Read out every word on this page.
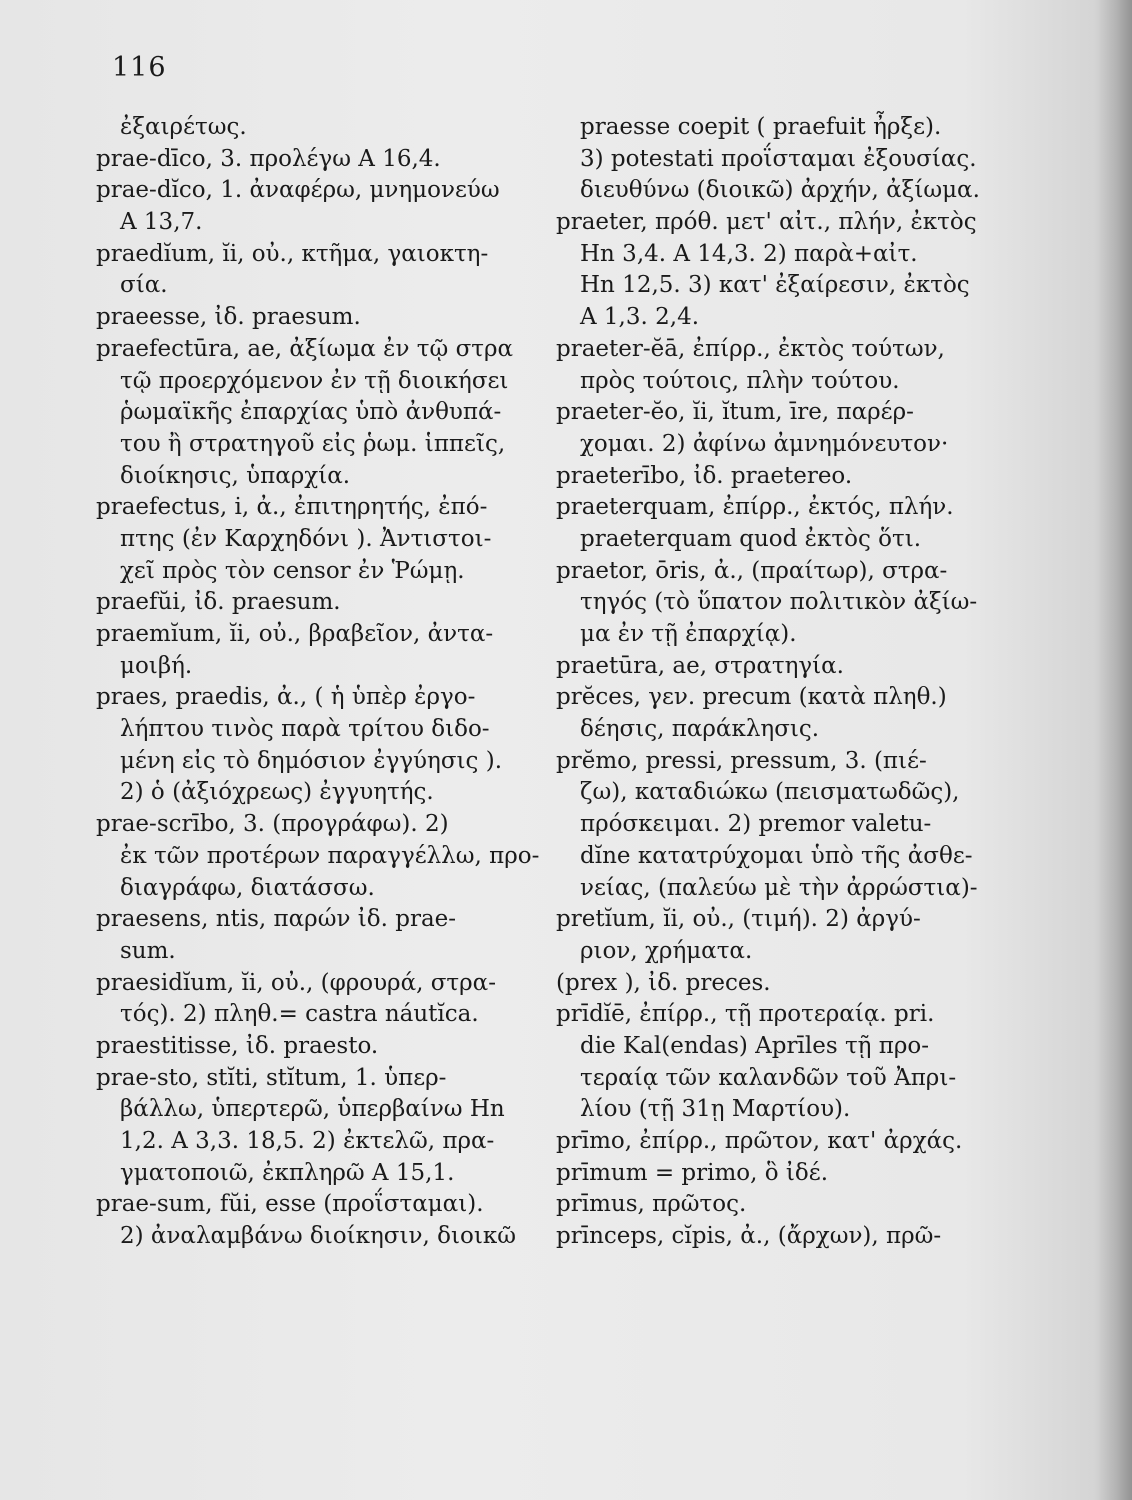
116
ἐξαιρέτως.
prae-dīco, 3. προλέγω Α 16,4.
prae-dĭco, 1. ἀναφέρω, μνημονεύω
Α 13,7.
praedĭum, ĭi, οὐ., κτῆμα, γαιοκτη-
σία.
praeesse, ἰδ. praesum.
praefectūra, ae, ἀξίωμα ἐν τῷ στρα
τῷ προερχόμενον ἐν τῇ διοικήσει
ῥωμαϊκῆς ἐπαρχίας ὑπὸ ἀνθυπά-
του ἢ στρατηγοῦ εἰς ῥωμ. ἱππεῖς,
διοίκησις, ὑπαρχία.
praefectus, i, ἀ., ἐπιτηρητής, ἐπό-
πτης (ἐν Καρχηδόνι ). Ἀντιστοι-
χεῖ πρὸς τὸν censor ἐν Ῥώμῃ.
praefŭi, ἰδ. praesum.
praemĭum, ĭi, οὐ., βραβεῖον, ἀντα-
μοιβή.
praes, praedis, ἀ., ( ἡ ὑπὲρ ἐργο-
λήπτου τινὸς παρὰ τρίτου διδο-
μένη εἰς τὸ δημόσιον ἐγγύησις ).
2) ὁ (ἀξιόχρεως) ἐγγυητής.
prae-scrībo, 3. (προγράφω). 2)
ἐκ τῶν προτέρων παραγγέλλω, προ-
διαγράφω, διατάσσω.
praesens, ntis, παρών ἰδ. prae-
sum.
praesidĭum, ĭi, οὐ., (φρουρά, στρα-
τός). 2) πληθ.= castra náutĭca.
praestitisse, ἰδ. praesto.
prae-sto, stĭti, stĭtum, 1. ὑπερ-
βάλλω, ὑπερτερῶ, ὑπερβαίνω Ηn
1,2. Α 3,3. 18,5. 2) ἐκτελῶ, πρα-
γματοποιῶ, ἐκπληρῶ Α 15,1.
prae-sum, fŭi, esse (προΐσταμαι).
2) ἀναλαμβάνω διοίκησιν, διοικῶ
praesse coepit ( praefuit ἦρξε).
3) potestati προΐσταμαι ἐξουσίας.
διευθύνω (διοικῶ) ἀρχήν, ἀξίωμα.
praeter, πρόθ. μετ' αἰτ., πλήν, ἐκτὸς
Ηn 3,4. Α 14,3. 2) παρὰ+αἰτ.
Ηn 12,5. 3) κατ' ἐξαίρεσιν, ἐκτὸς
Α 1,3. 2,4.
praeter-ĕā, ἐπίρρ., ἐκτὸς τούτων,
πρὸς τούτοις, πλὴν τούτου.
praeter-ĕo, ĭi, ĭtum, īre, παρέρ-
χομαι. 2) ἀφίνω ἀμνημόνευτον·
praeterībo, ἰδ. praetereo.
praeterquam, ἐπίρρ., ἐκτός, πλήν.
praeterquam quod ἐκτὸς ὅτι.
praetor, ōris, ἀ., (πραίτωρ), στρα-
τηγός (τὸ ὕπατον πολιτικὸν ἀξίω-
μα ἐν τῇ ἐπαρχίᾳ).
praetūra, ae, στρατηγία.
prĕces, γεν. precum (κατὰ πληθ.)
δέησις, παράκλησις.
prĕmo, pressi, pressum, 3. (πιέ-
ζω), καταδιώκω (πεισματωδῶς),
πρόσκειμαι. 2) premor valetu-
dĭne κατατρύχομαι ὑπὸ τῆς ἀσθε-
νείας, (παλεύω μὲ τὴν ἀρρώστια)-
pretĭum, ĭi, οὐ., (τιμή). 2) ἀργύ-
ριον, χρήματα.
(prex ), ἰδ. preces.
prīdĭē, ἐπίρρ., τῇ προτεραίᾳ. pri.
die Kal(endas) Aprīles τῇ προ-
τεραίᾳ τῶν καλανδῶν τοῦ Ἀπρι-
λίου (τῇ 31ῃ Μαρτίου).
prīmo, ἐπίρρ., πρῶτον, κατ' ἀρχάς.
prīmum = primo, ὃ ἰδέ.
prīmus, πρῶτος.
prīnceps, cĭpis, ἀ., (ἄρχων), πρῶ-
